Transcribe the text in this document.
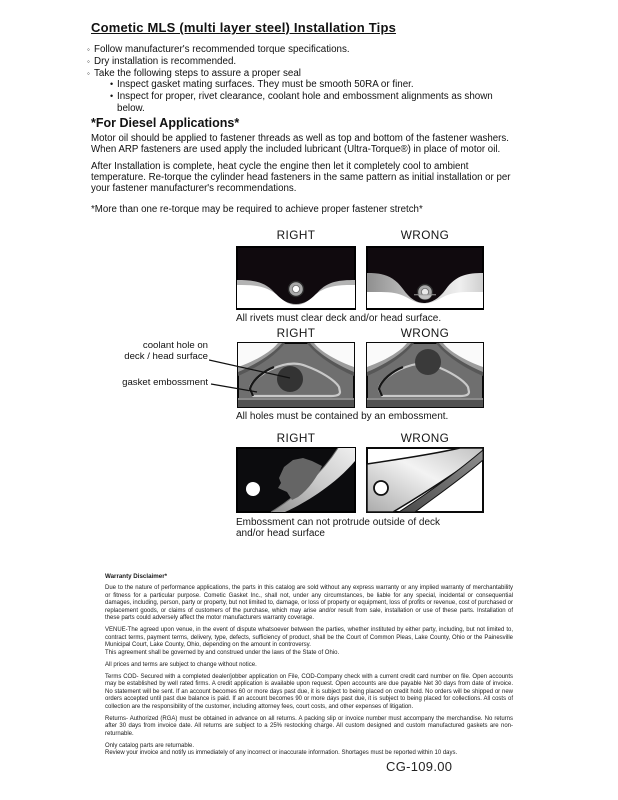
Cometic MLS (multi layer steel) Installation Tips
◦ Follow manufacturer's recommended torque specifications.
◦ Dry installation is recommended.
◦ Take the following steps to assure a proper seal
• Inspect gasket mating surfaces. They must be smooth 50RA or finer.
• Inspect for proper, rivet clearance, coolant hole and embossment alignments as shown below.
*For Diesel Applications*
Motor oil should be applied to fastener threads as well as top and bottom of the fastener washers. When ARP fasteners are used apply the included lubricant (Ultra-Torque®) in place of motor oil.
After Installation is complete, heat cycle the engine then let it completely cool to ambient temperature. Re-torque the cylinder head fasteners in the same pattern as initial installation or per your fastener manufacturer's recommendations.
*More than one re-torque may be required to achieve proper fastener stretch*
RIGHT	WRONG
All rivets must clear deck and/or head surface.
RIGHT	WRONG
All holes must be contained by an embossment.
coolant hole on
deck / head surface
gasket embossment
RIGHT	WRONG
Embossment can not protrude outside of deck and/or head surface

Warranty Disclaimer*

Due to the nature of performance applications, the parts in this catalog are sold without any express warranty or any implied warranty of merchantability or fitness for a particular purpose. Cometic Gasket Inc., shall not, under any circumstances, be liable for any special, incidental or consequential damages, including, person, party or property, but not limited to, damage, or loss of property or equipment, loss of profits or revenue, cost of purchased or replacement goods, or claims of customers of the purchase, which may arise and/or result from sale, installation or use of these parts. Installation of these parts could adversely affect the motor manufacturers warranty coverage.

VENUE-The agreed upon venue, in the event of dispute whatsoever between the parties, whether instituted by either party, including, but not limited to, contract terms, payment terms, delivery, type, defects, sufficiency of product, shall be the Court of Common Pleas, Lake County, Ohio or the Painesville Municipal Court, Lake County, Ohio, depending on the amount in controversy.

This agreement shall be governed by and construed under the laws of the State of Ohio.

All prices and terms are subject to change without notice.

Terms COD- Secured with a completed dealer/jobber application on File, COD-Company check with a current credit card number on file. Open accounts may be established by well rated firms. A credit application is available upon request. Open accounts are due payable Net 30 days from date of invoice. No statement will be sent. If an account becomes 60 or more days past due, it is subject to being placed on credit hold. No orders will be shipped or new orders accepted until past due balance is paid. If an account becomes 90 or more days past due, it is subject to being placed for collections. All costs of collection are the responsibility of the customer, including attorney fees, court costs, and other expenses of litigation.

Returns- Authorized (RGA) must be obtained in advance on all returns. A packing slip or invoice number must accompany the merchandise. No returns after 30 days from invoice date. All returns are subject to a 25% restocking charge. All custom designed and custom manufactured gaskets are non-returnable.

Only catalog parts are returnable.

Review your invoice and notify us immediately of any incorrect or inaccurate information. Shortages must be reported within 10 days.

CG-109.00
